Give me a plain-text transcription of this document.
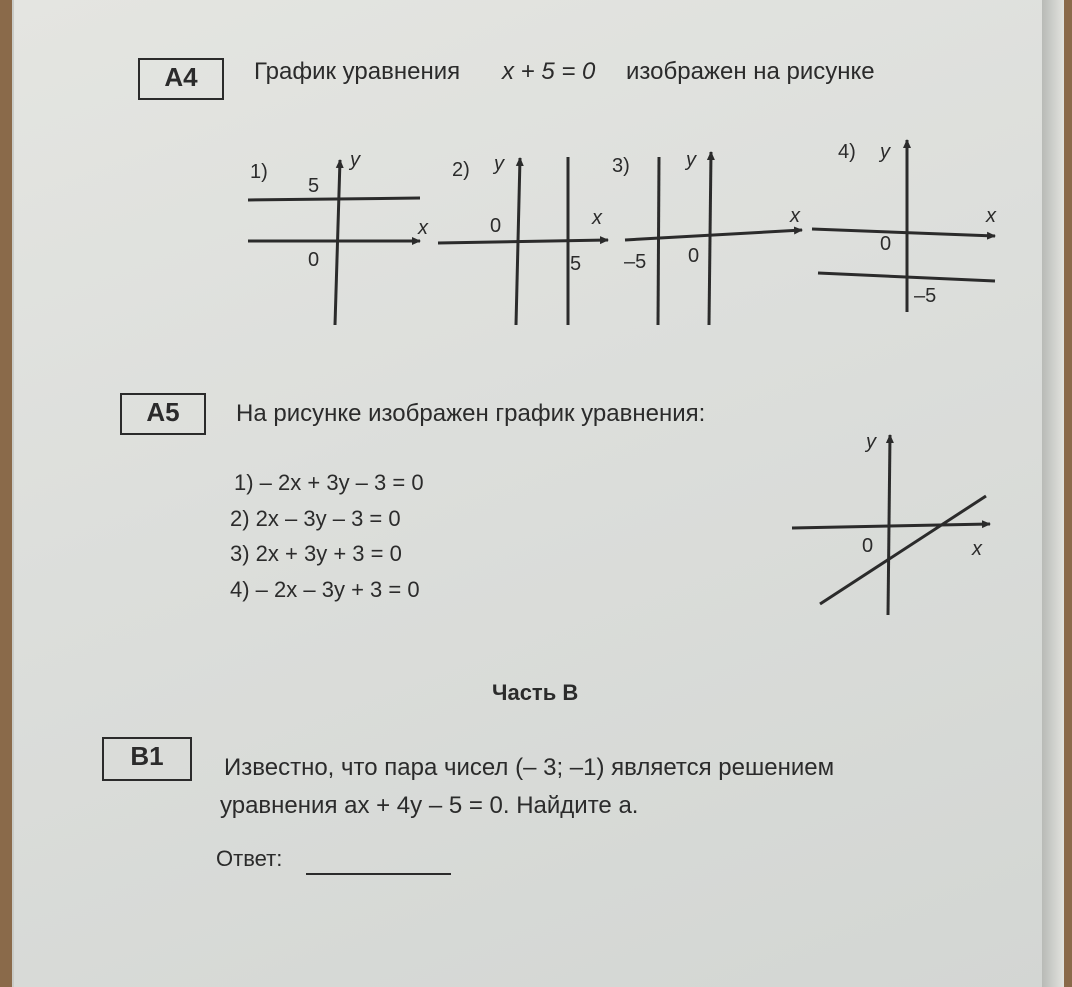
A4	График уравнения x + 5 = 0 изображен на рисунке
1)
5
0
x
y	2)
0
5
x
y	3)
–5 0
x
y	4)
0
–5
x
y
0	x
y
A5	На рисунке изображен график уравнения:
1) – 2x + 3y – 3 = 0
2) 2x – 3y – 3 = 0
3) 2x + 3y + 3 = 0
4) – 2x – 3y + 3 = 0
Часть B
B1	Известно, что пара чисел (– 3; –1) является решением
уравнения ax + 4y – 5 = 0. Найдите a.
Ответ:
